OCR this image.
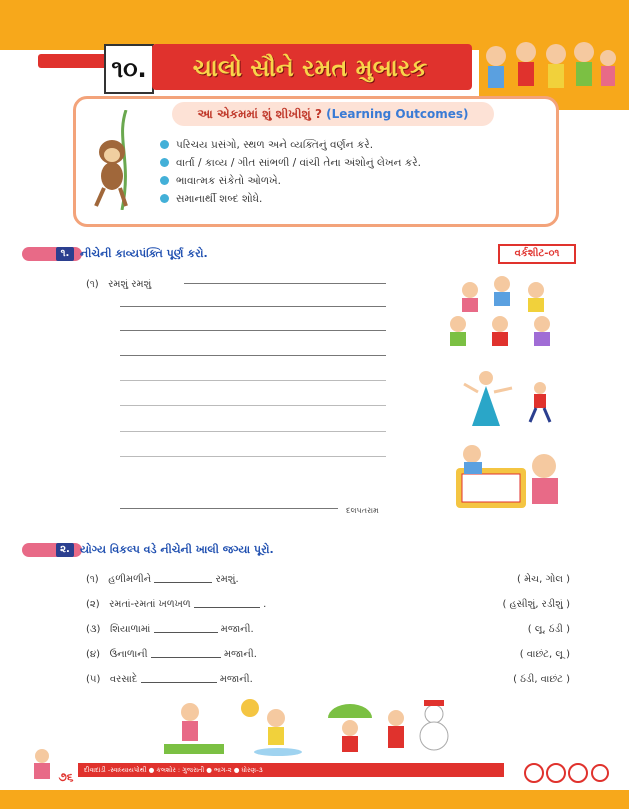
૧૦.	ચાલો સૌને રમત મુબારક
આ એકમમાં શું શીખીશું ? (Learning Outcomes)
પરિચય પ્રસંગો, સ્થળ અને વ્યક્તિનું વર્ણન કરે.
વાર્તા / કાવ્ય / ગીત સાંભળી / વાંચી તેના અંશોનું લેખન કરે.
ભાવાત્મક સંકેતો ઓળખે.
સમાનાર્થી શબ્દ શોધે.
૧. નીચેની કાવ્યપંક્તિ પૂર્ણ કરો.	વર્કશીટ-૦૧
(૧) રમશું રમશું
દલપતરામ
૨. યોગ્ય વિકલ્પ વડે નીચેની ખાલી જગ્યા પૂરો.
(૧) હળીમળીને	રમશું.	( મેચ, ગોલ )
(૨) રમતાં-રમતાં ખળખળ	.	( હસીશું, રડીશું )
(૩) શિયાળામાં	મજાની.	( લૂ, ઠંડી )
(૪) ઉનાળાની	મજાની.	( વાછંટ, લૂ )
(૫) વરસાદે	મજાની.	( ઠંડી, વાછંટ )
દીવાદાંડી -સ્વાધ્યાયપોથી ● કલશોર : ગુજરાતી ● ભાગ-૨ ● ધોરણ-૩
૭૬
